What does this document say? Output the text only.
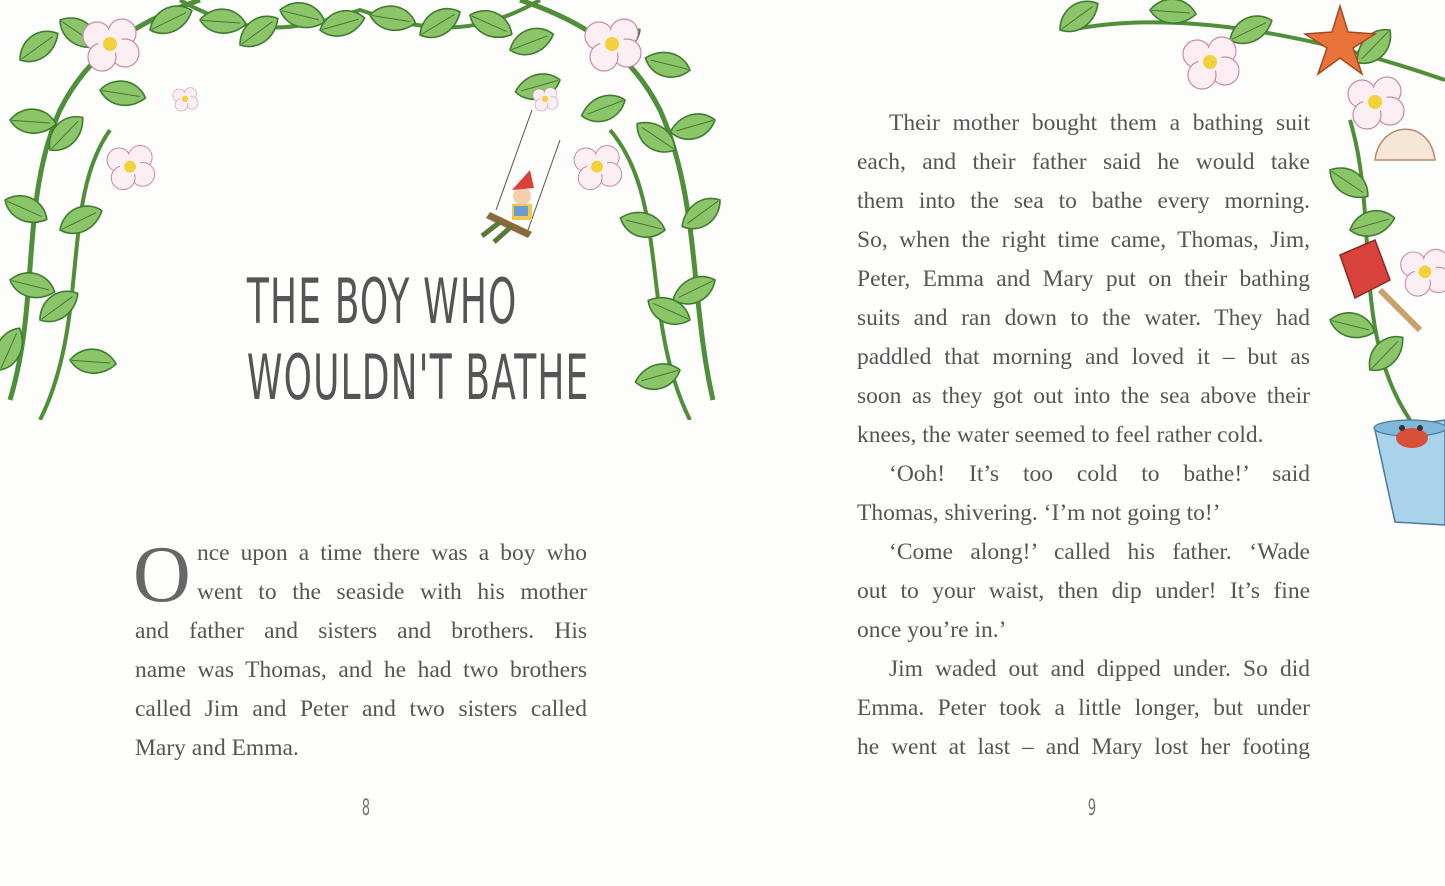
THE BOY WHO
WOULDN'T BATHE
O nce upon a time there was a boy who
went to the seaside with his mother
and father and sisters and brothers. His
name was Thomas, and he had two brothers
called Jim and Peter and two sisters called
Mary and Emma.
8
Their mother bought them a bathing suit
each, and their father said he would take
them into the sea to bathe every morning.
So, when the right time came, Thomas, Jim,
Peter, Emma and Mary put on their bathing
suits and ran down to the water. They had
paddled that morning and loved it – but as
soon as they got out into the sea above their
knees, the water seemed to feel rather cold.
‘Ooh! It’s too cold to bathe!’ said
Thomas, shivering. ‘I’m not going to!’
‘Come along!’ called his father. ‘Wade
out to your waist, then dip under! It’s fine
once you’re in.’
Jim waded out and dipped under. So did
Emma. Peter took a little longer, but under
he went at last – and Mary lost her footing
9
